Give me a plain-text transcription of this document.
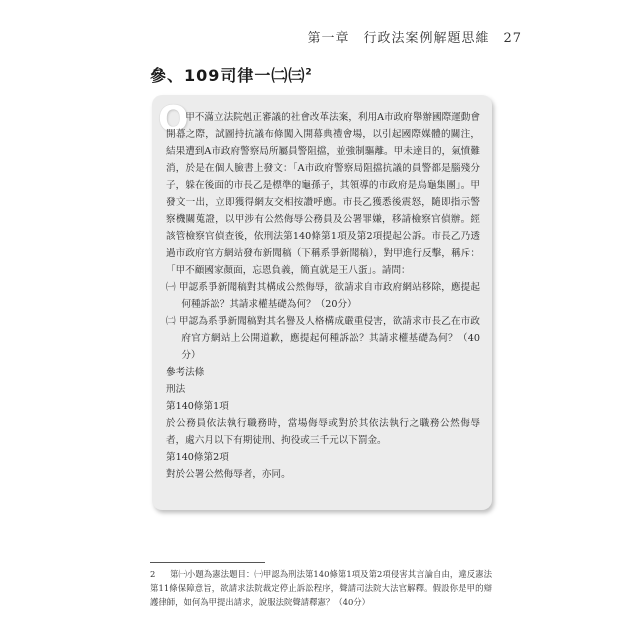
第一章　行政法案例解題思維 27
參、109司律一㈡㈢$^2$
Q

甲不滿立法院剋正審議的社會改革法案，利用A市政府舉辦國際運動會開幕之際，試圖持抗議布條闖入開幕典禮會場，以引起國際媒體的關注，結果遭到A市政府警察局所屬員警阻擋，並強制驅離。甲未達目的，氣憤難消，於是在個人臉書上發文：「A市政府警察局阻擋抗議的員警都是腦殘分子，躲在後面的市長乙是標準的龜孫子，其領導的市政府是烏龜集團」。甲發文一出，立即獲得網友交相按讚呼應。市長乙獲悉後震怒，隨即指示警察機關蒐證，以甲涉有公然侮辱公務員及公署罪嫌，移請檢察官偵辦。經該管檢察官偵查後，依刑法第140條第1項及第2項提起公訴。市長乙乃透過市政府官方網站發布新聞稿（下稱系爭新聞稿），對甲進行反擊，稱斥：「甲不顧國家顏面，忘恩負義，簡直就是王八蛋」。請問：

㈠ 甲認系爭新聞稿對其構成公然侮辱，欲請求自市政府網站移除，應提起何種訴訟？其請求權基礎為何？（20分）

㈡ 甲認為系爭新聞稿對其名譽及人格構成嚴重侵害，欲請求市長乙在市政府官方網站上公開道歉，應提起何種訴訟？其請求權基礎為何？（40分）

參考法條

刑法

第140條第1項

於公務員依法執行職務時，當場侮辱或對於其依法執行之職務公然侮辱者，處六月以下有期徒刑、拘役或三千元以下罰金。

第140條第2項

對於公署公然侮辱者，亦同。

2 第㈠小題為憲法題目：㈠甲認為刑法第140條第1項及第2項侵害其言論自由，違反憲法第11條保障意旨，欲請求法院裁定停止訴訟程序，聲請司法院大法官解釋。假設你是甲的辯護律師，如何為甲提出請求，說服法院聲請釋憲？（40分）
